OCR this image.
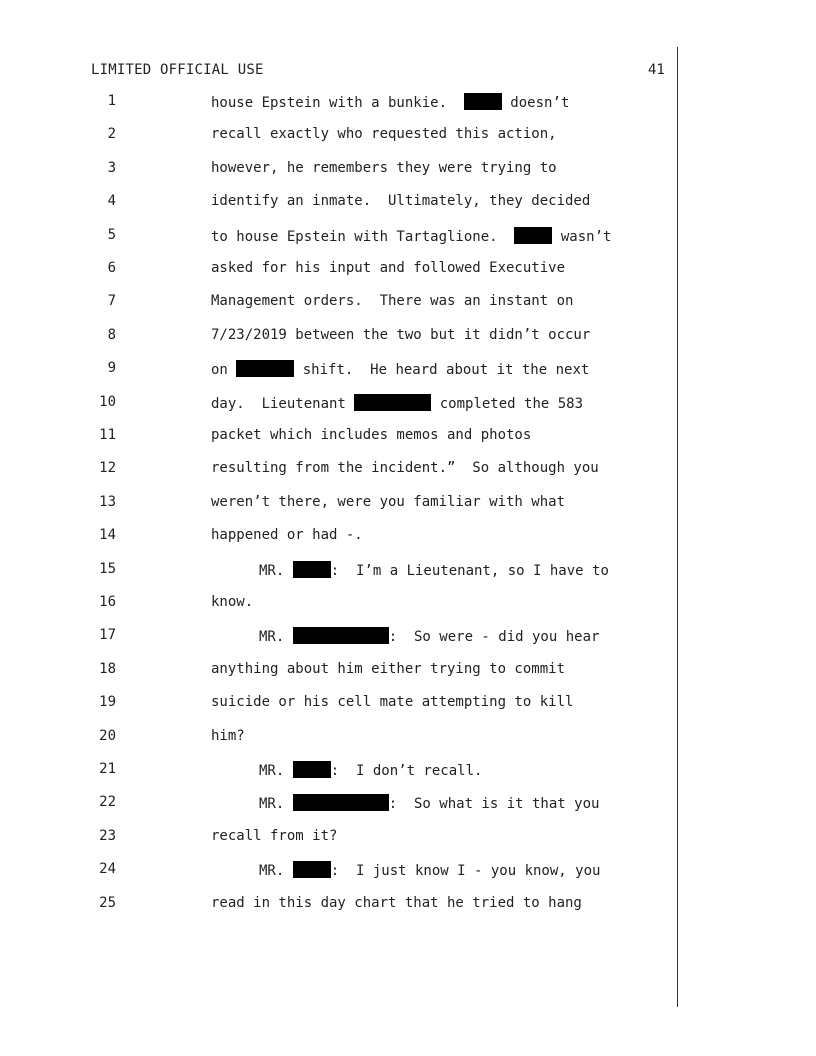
LIMITED OFFICIAL USE	41
1	house Epstein with a bunkie.	doesn’t
2	recall exactly who requested this action,
3	however, he remembers they were trying to
4	identify an inmate.  Ultimately, they decided
5	to house Epstein with Tartaglione.	wasn’t
6	asked for his input and followed Executive
7	Management orders.  There was an instant on
8	7/23/2019 between the two but it didn’t occur
9	on	shift.  He heard about it the next
10	day.  Lieutenant	completed the 583
11	packet which includes memos and photos
12	resulting from the incident.”  So although you
13	weren’t there, were you familiar with what
14	happened or had -.
15	MR.	:  I’m a Lieutenant, so I have to
16	know.
17	MR.	:  So were - did you hear
18	anything about him either trying to commit
19	suicide or his cell mate attempting to kill
20	him?
21	MR.	:  I don’t recall.
22	MR.	:  So what is it that you
23	recall from it?
24	MR.	:  I just know I - you know, you
25	read in this day chart that he tried to hang
